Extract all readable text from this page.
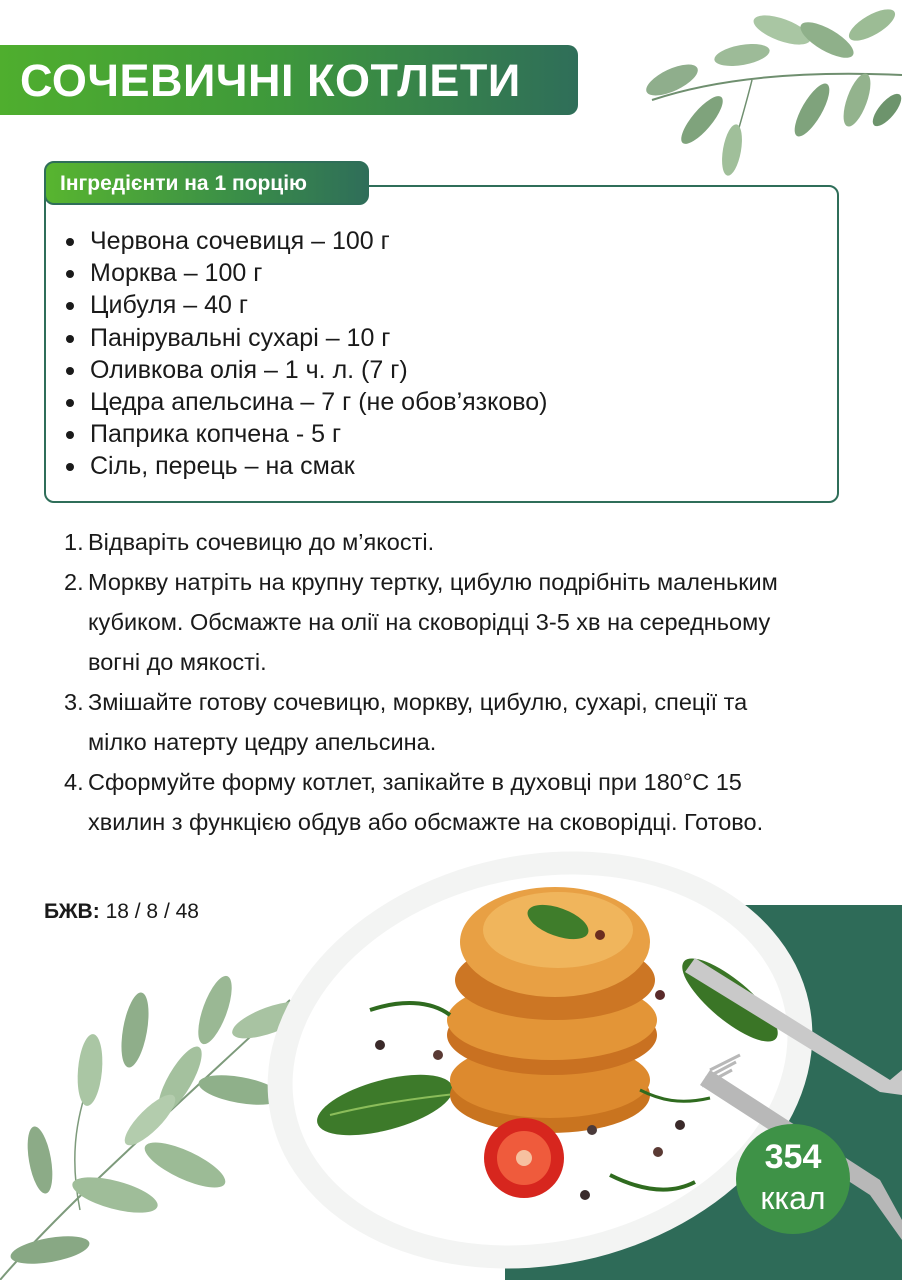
СОЧЕВИЧНІ КОТЛЕТИ
Інгредієнти на 1 порцію
Червона сочевиця – 100 г
Морква – 100 г
Цибуля – 40 г
Панірувальні сухарі – 10 г
Оливкова олія – 1 ч. л. (7 г)
Цедра апельсина – 7 г (не обов’язково)
Паприка копчена - 5 г
Сіль, перець – на смак
1. Відваріть сочевицю до м’якості.
2. Моркву натріть на крупну тертку, цибулю подрібніть маленьким
кубиком. Обсмажте на олії на сковорідці 3-5 хв на середньому
вогні до мякості.
3. Змішайте готову сочевицю, моркву, цибулю, сухарі, спеції та
мілко натерту цедру апельсина.
4. Сформуйте форму котлет, запікайте в духовці при 180°С 15
хвилин з функцією обдув або обсмажте на сковорідці. Готово.
БЖВ: 18 / 8 / 48
354
ккал
